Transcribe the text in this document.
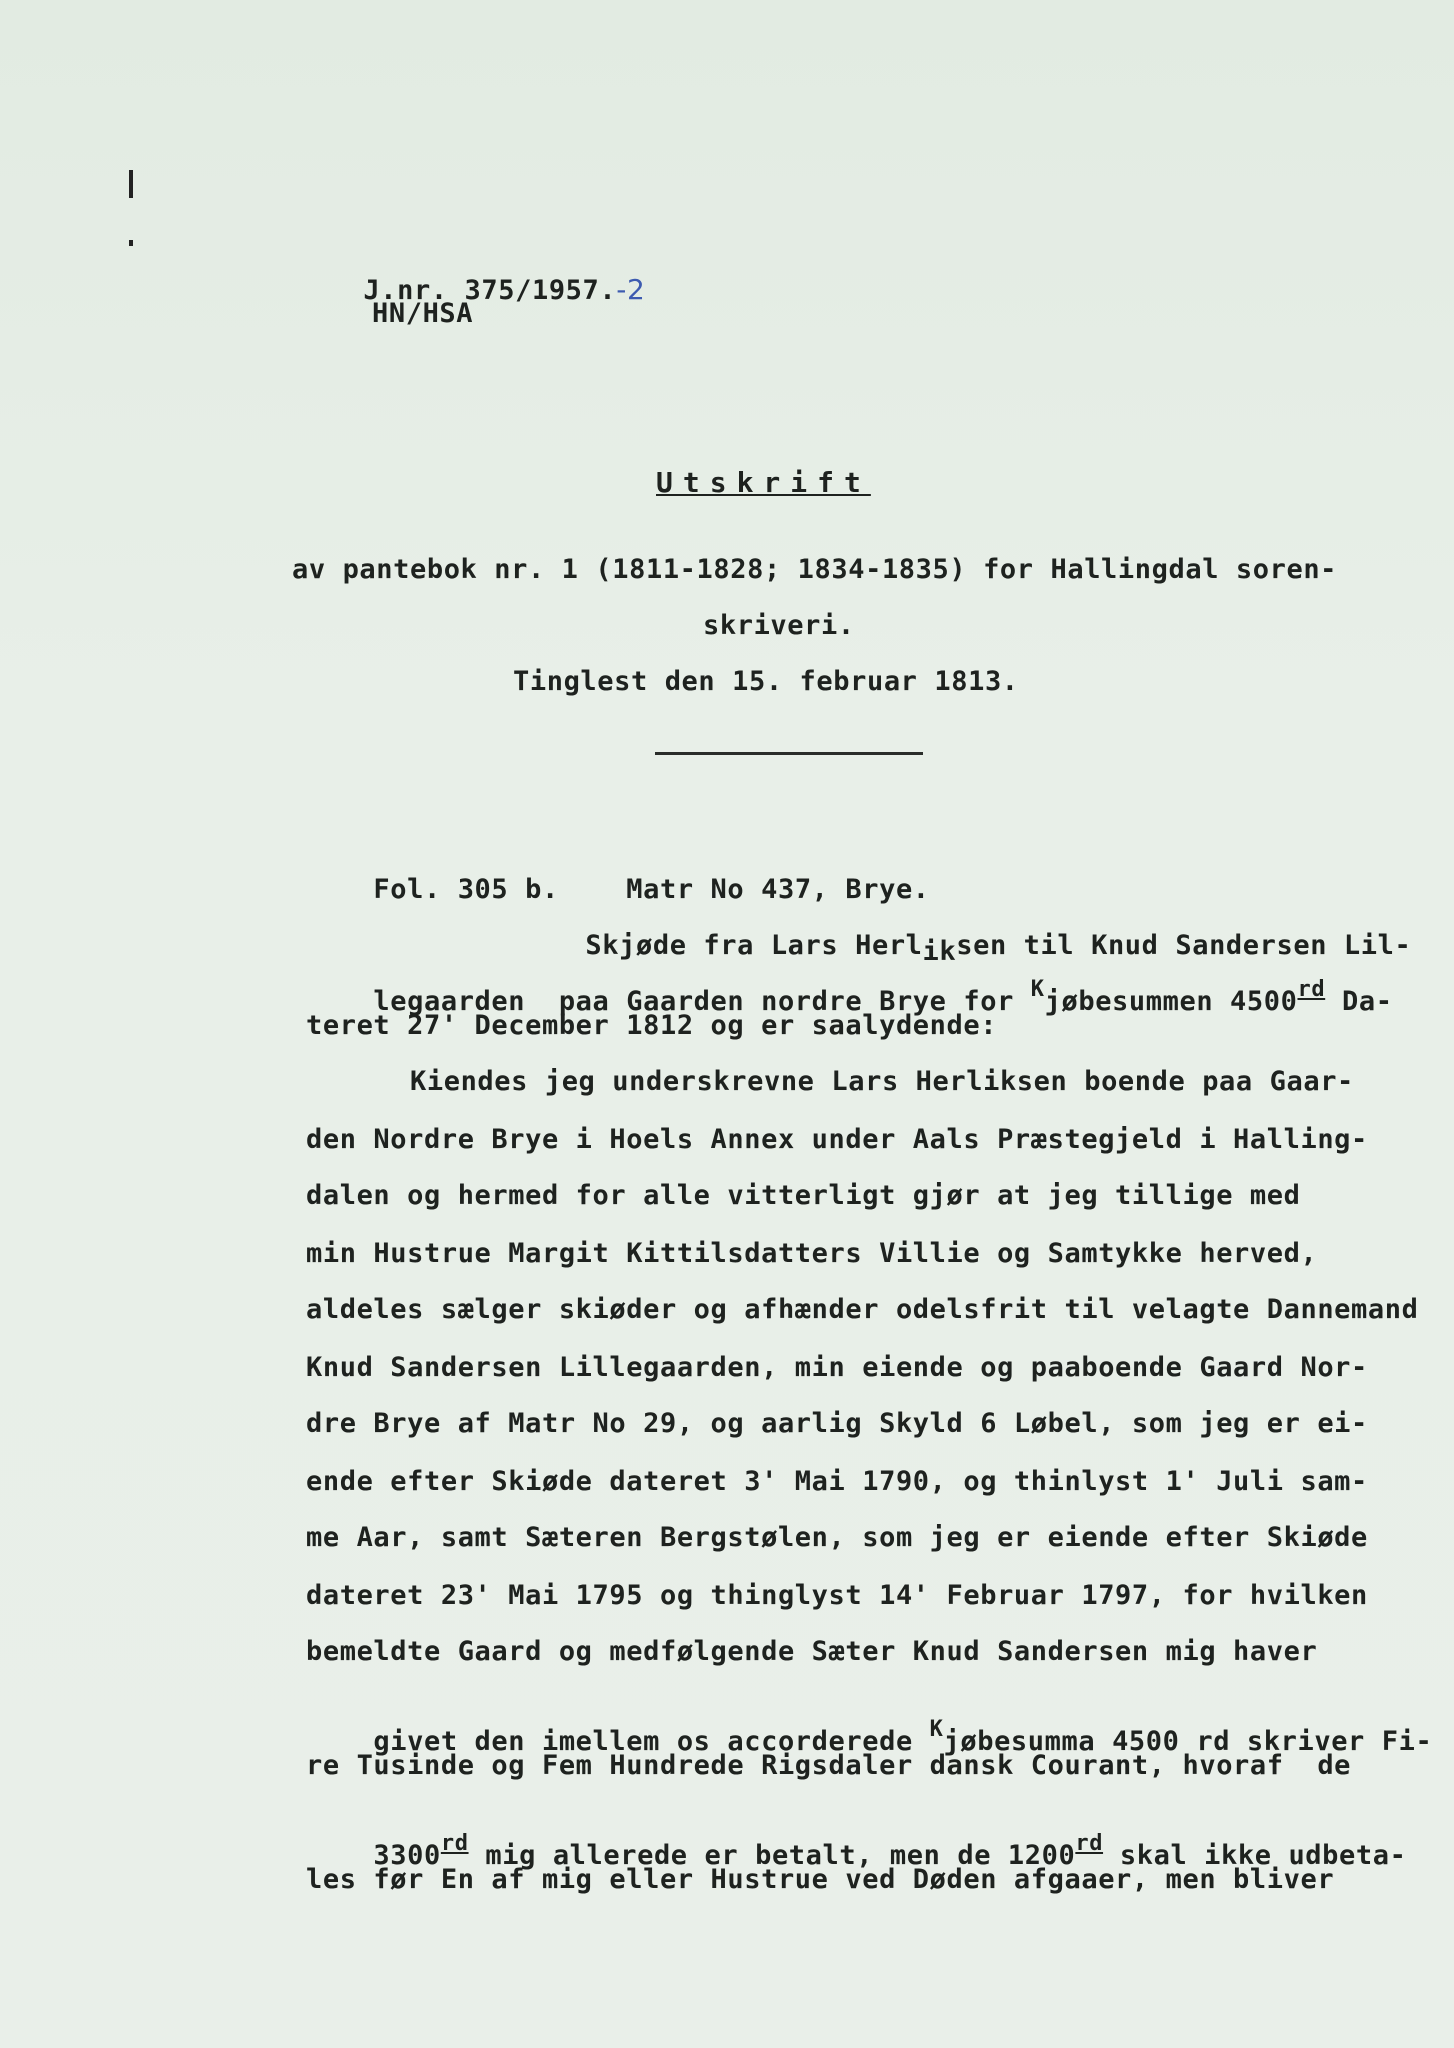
J.nr. 375/1957.-2

HN/HSA
Utskrift
av pantebok nr. 1 (1811-1828; 1834-1835) for Hallingdal soren-
skriveri.
Tinglest den 15. februar 1813.

Fol. 305 b. Matr No 437, Brye.

Skjøde fra Lars Herliksen til Knud Sandersen Lil-

legaarden  paa Gaarden nordre Brye for $^K$jøbesummen 4500rd Da-

teret 27' December 1812 og er saalydende:
Kiendes jeg underskrevne Lars Herliksen boende paa Gaar-
den Nordre Brye i Hoels Annex under Aals Præstegjeld i Halling-
dalen og hermed for alle vitterligt gjør at jeg tillige med
min Hustrue Margit Kittilsdatters Villie og Samtykke herved,
aldeles sælger skiøder og afhænder odelsfrit til velagte Dannemand
Knud Sandersen Lillegaarden, min eiende og paaboende Gaard Nor-
dre Brye af Matr No 29, og aarlig Skyld 6 Løbel, som jeg er ei-
ende efter Skiøde dateret 3' Mai 1790, og thinlyst 1' Juli sam-
me Aar, samt Sæteren Bergstølen, som jeg er eiende efter Skiøde
dateret 23' Mai 1795 og thinglyst 14' Februar 1797, for hvilken
bemeldte Gaard og medfølgende Sæter Knud Sandersen mig haver

givet den imellem os accorderede $^K$jøbesumma 4500 rd skriver Fi-

re Tusinde og Fem Hundrede Rigsdaler dansk Courant, hvoraf  de

3300rd mig allerede er betalt, men de 1200rd skal ikke udbeta-

les før En af mig eller Hustrue ved Døden afgaaer, men bliver
